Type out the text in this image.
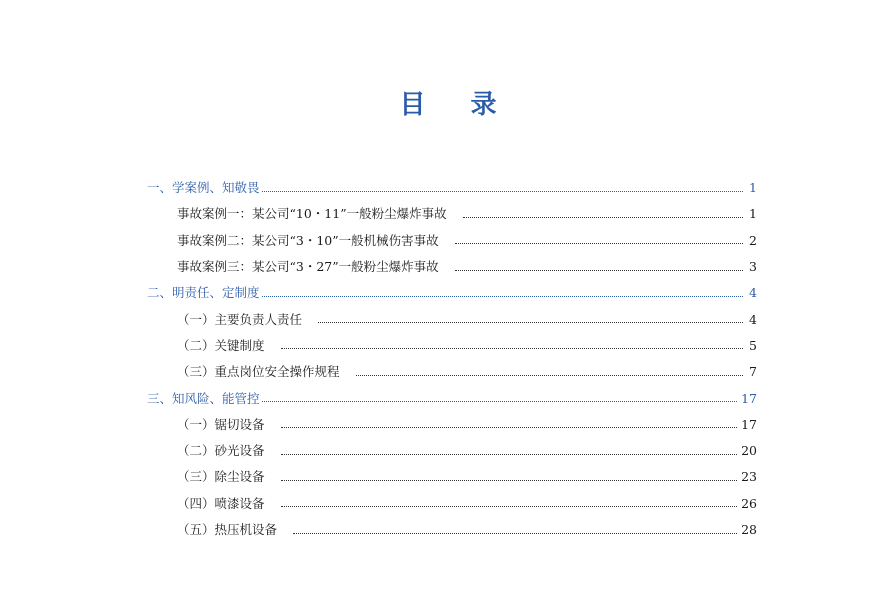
目 录
一、学案例、知敬畏	1
事故案例一：某公司“10・11”一般粉尘爆炸事故	1
事故案例二：某公司“3・10”一般机械伤害事故	2
事故案例三：某公司“3・27”一般粉尘爆炸事故	3
二、明责任、定制度	4
（一）主要负责人责任	4
（二）关键制度	5
（三）重点岗位安全操作规程	7
三、知风险、能管控	17
（一）锯切设备	17
（二）砂光设备	20
（三）除尘设备	23
（四）喷漆设备	26
（五）热压机设备	28
